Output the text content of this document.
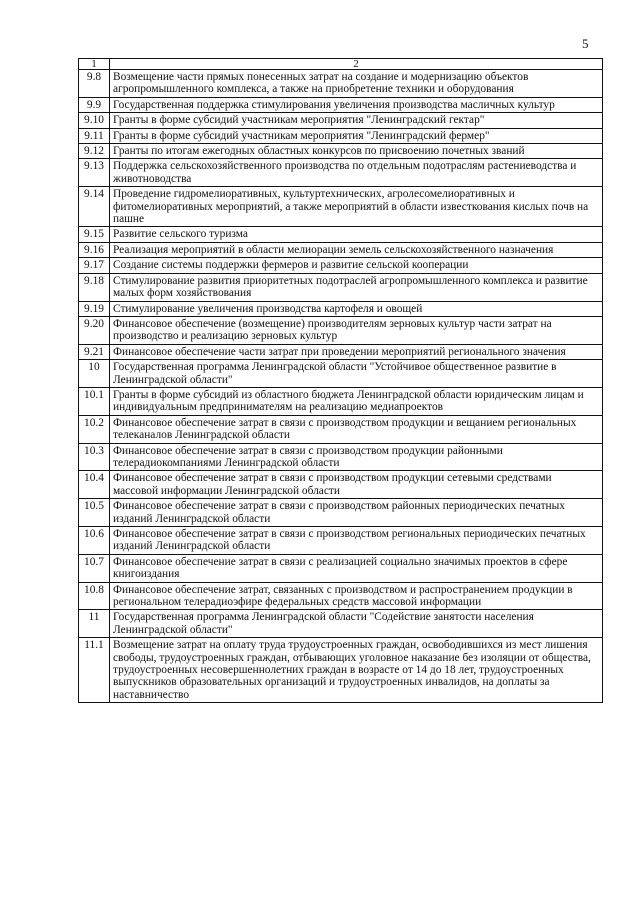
5
1	2
9.8	Возмещение части прямых понесенных затрат на создание и модернизацию объектов агропромышленного комплекса, а также на приобретение техники и оборудования
9.9	Государственная поддержка стимулирования увеличения производства масличных культур
9.10	Гранты в форме субсидий участникам мероприятия "Ленинградский гектар"
9.11	Гранты в форме субсидий участникам мероприятия "Ленинградский фермер"
9.12	Гранты по итогам ежегодных областных конкурсов по присвоению почетных званий
9.13	Поддержка сельскохозяйственного производства по отдельным подотраслям растениеводства и животноводства
9.14	Проведение гидромелиоративных, культуртехнических, агролесомелиоративных и фитомелиоративных мероприятий, а также мероприятий в области известкования кислых почв на пашне
9.15	Развитие сельского туризма
9.16	Реализация мероприятий в области мелиорации земель сельскохозяйственного назначения
9.17	Создание системы поддержки фермеров и развитие сельской кооперации
9.18	Стимулирование развития приоритетных подотраслей агропромышленного комплекса и развитие малых форм хозяйствования
9.19	Стимулирование увеличения производства картофеля и овощей
9.20	Финансовое обеспечение (возмещение) производителям зерновых культур части затрат на производство и реализацию зерновых культур
9.21	Финансовое обеспечение части затрат при проведении мероприятий регионального значения
10	Государственная программа Ленинградской области "Устойчивое общественное развитие в Ленинградской области"
10.1	Гранты в форме субсидий из областного бюджета Ленинградской области юридическим лицам и индивидуальным предпринимателям на реализацию медиапроектов
10.2	Финансовое обеспечение затрат в связи с производством продукции и вещанием региональных телеканалов Ленинградской области
10.3	Финансовое обеспечение затрат в связи с производством продукции районными телерадиокомпаниями Ленинградской области
10.4	Финансовое обеспечение затрат в связи с производством продукции сетевыми средствами массовой информации Ленинградской области
10.5	Финансовое обеспечение затрат в связи с производством районных периодических печатных изданий Ленинградской области
10.6	Финансовое обеспечение затрат в связи с производством региональных периодических печатных изданий Ленинградской области
10.7	Финансовое обеспечение затрат в связи с реализацией социально значимых проектов в сфере книгоиздания
10.8	Финансовое обеспечение затрат, связанных с производством и распространением продукции в региональном телерадиоэфире федеральных средств массовой информации
11	Государственная программа Ленинградской области "Содействие занятости населения Ленинградской области"
11.1	Возмещение затрат на оплату труда трудоустроенных граждан, освободившихся из мест лишения свободы, трудоустроенных граждан, отбывающих уголовное наказание без изоляции от общества, трудоустроенных несовершеннолетних граждан в возрасте от 14 до 18 лет, трудоустроенных выпускников образовательных организаций и трудоустроенных инвалидов, на доплаты за наставничество
